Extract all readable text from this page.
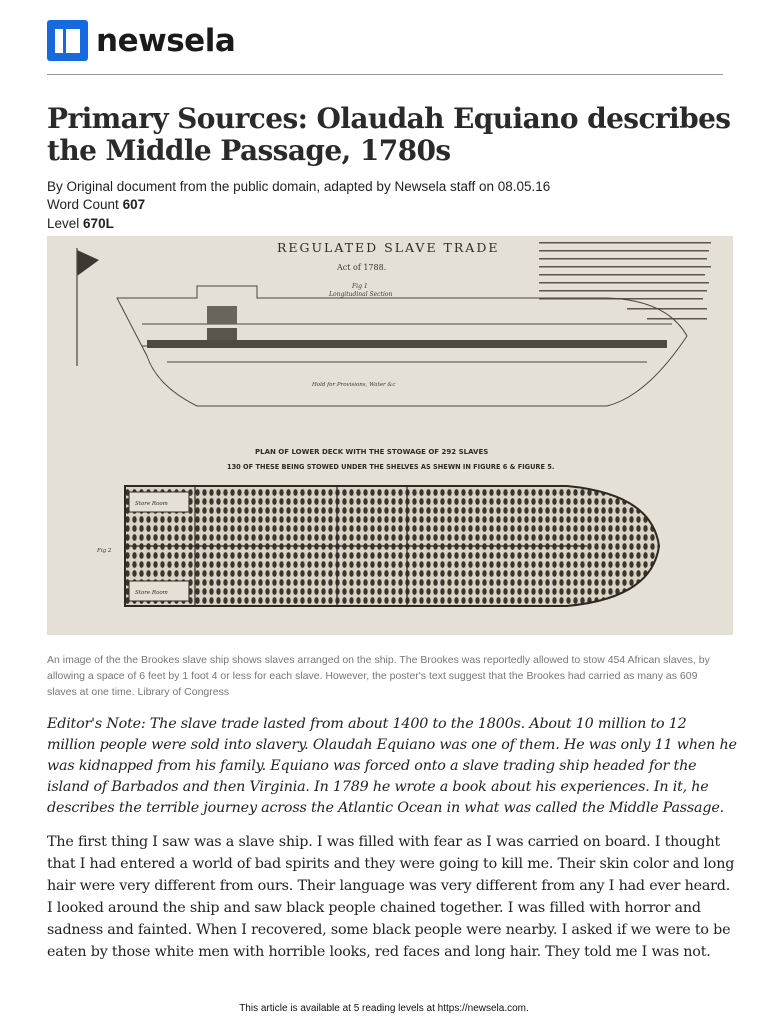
newsela
Primary Sources: Olaudah Equiano describes the Middle Passage, 1780s
By Original document from the public domain, adapted by Newsela staff on 08.05.16
Word Count 607
Level 670L
REGULATED SLAVE TRADE
Act of 1788.
Fig 1
Longitudinal Section
Hold for Provisions, Water &c
PLAN OF LOWER DECK WITH THE STOWAGE OF 292 SLAVES
130 OF THESE BEING STOWED UNDER THE SHELVES AS SHEWN IN FIGURE 6 & FIGURE 5.
Store Room
Store Room
Fig 2
An image of the the Brookes slave ship shows slaves arranged on the ship. The Brookes was reportedly allowed to stow 454 African slaves, by allowing a space of 6 feet by 1 foot 4 or less for each slave. However, the poster's text suggest that the Brookes had carried as many as 609 slaves at one time. Library of Congress

Editor's Note: The slave trade lasted from about 1400 to the 1800s. About 10 million to 12 million people were sold into slavery. Olaudah Equiano was one of them. He was only 11 when he was kidnapped from his family. Equiano was forced onto a slave trading ship headed for the island of Barbados and then Virginia. In 1789 he wrote a book about his experiences. In it, he describes the terrible journey across the Atlantic Ocean in what was called the Middle Passage.

The first thing I saw was a slave ship. I was filled with fear as I was carried on board. I thought that I had entered a world of bad spirits and they were going to kill me. Their skin color and long hair were very different from ours. Their language was very different from any I had ever heard. I looked around the ship and saw black people chained together. I was filled with horror and sadness and fainted. When I recovered, some black people were nearby. I asked if we were to be eaten by those white men with horrible looks, red faces and long hair. They told me I was not.

This article is available at 5 reading levels at https://newsela.com.
